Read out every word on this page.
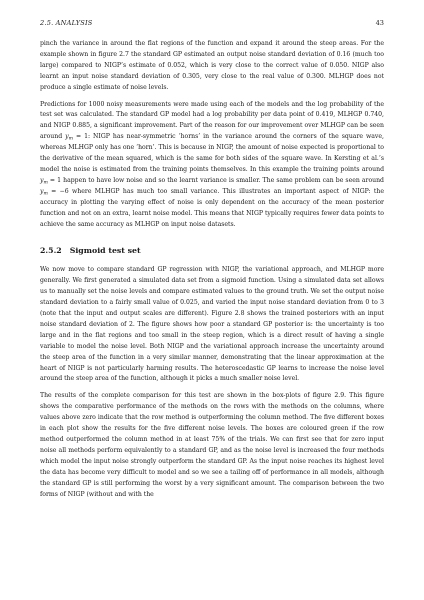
2.5. ANALYSIS	43

pinch the variance in around the flat regions of the function and expand it around the steep areas. For the example shown in figure 2.7 the standard GP estimated an output noise standard deviation of 0.16 (much too large) compared to NIGP’s estimate of 0.052, which is very close to the correct value of 0.050. NIGP also learnt an input noise standard deviation of 0.305, very close to the real value of 0.300. MLHGP does not produce a single estimate of noise levels.

Predictions for 1000 noisy measurements were made using each of the models and the log probability of the test set was calculated. The standard GP model had a log probability per data point of 0.419, MLHGP 0.740, and NIGP 0.885, a significant improvement. Part of the reason for our improvement over MLHGP can be seen around $y_m = 1$: NIGP has near-symmetric ‘horns’ in the variance around the corners of the square wave, whereas MLHGP only has one ‘horn’. This is because in NIGP, the amount of noise expected is proportional to the derivative of the mean squared, which is the same for both sides of the square wave. In Kersting et al.’s model the noise is estimated from the training points themselves. In this example the training points around $y_m = 1$ happen to have low noise and so the learnt variance is smaller. The same problem can be seen around $y_m = -6$ where MLHGP has much too small variance. This illustrates an important aspect of NIGP: the accuracy in plotting the varying effect of noise is only dependent on the accuracy of the mean posterior function and not on an extra, learnt noise model. This means that NIGP typically requires fewer data points to achieve the same accuracy as MLHGP on input noise datasets.

2.5.2 Sigmoid test set

We now move to compare standard GP regression with NIGP, the variational approach, and MLHGP more generally. We first generated a simulated data set from a sigmoid function. Using a simulated data set allows us to manually set the noise levels and compare estimated values to the ground truth. We set the output noise standard deviation to a fairly small value of 0.025, and varied the input noise standard deviation from 0 to 3 (note that the input and output scales are different). Figure 2.8 shows the trained posteriors with an input noise standard deviation of 2. The figure shows how poor a standard GP posterior is: the uncertainty is too large and in the flat regions and too small in the steep region, which is a direct result of having a single variable to model the noise level. Both NIGP and the variational approach increase the uncertainty around the steep area of the function in a very similar manner, demonstrating that the linear approximation at the heart of NIGP is not particularly harming results. The heteroscedastic GP learns to increase the noise level around the steep area of the function, although it picks a much smaller noise level.

The results of the complete comparison for this test are shown in the box-plots of figure 2.9. This figure shows the comparative performance of the methods on the rows with the methods on the columns, where values above zero indicate that the row method is outperforming the column method. The five different boxes in each plot show the results for the five different noise levels. The boxes are coloured green if the row method outperformed the column method in at least 75% of the trials. We can first see that for zero input noise all methods perform equivalently to a standard GP, and as the noise level is increased the four methods which model the input noise strongly outperform the standard GP. As the input noise reaches its highest level the data has become very difficult to model and so we see a tailing off of performance in all models, although the standard GP is still performing the worst by a very significant amount. The comparison between the two forms of NIGP (without and with the
